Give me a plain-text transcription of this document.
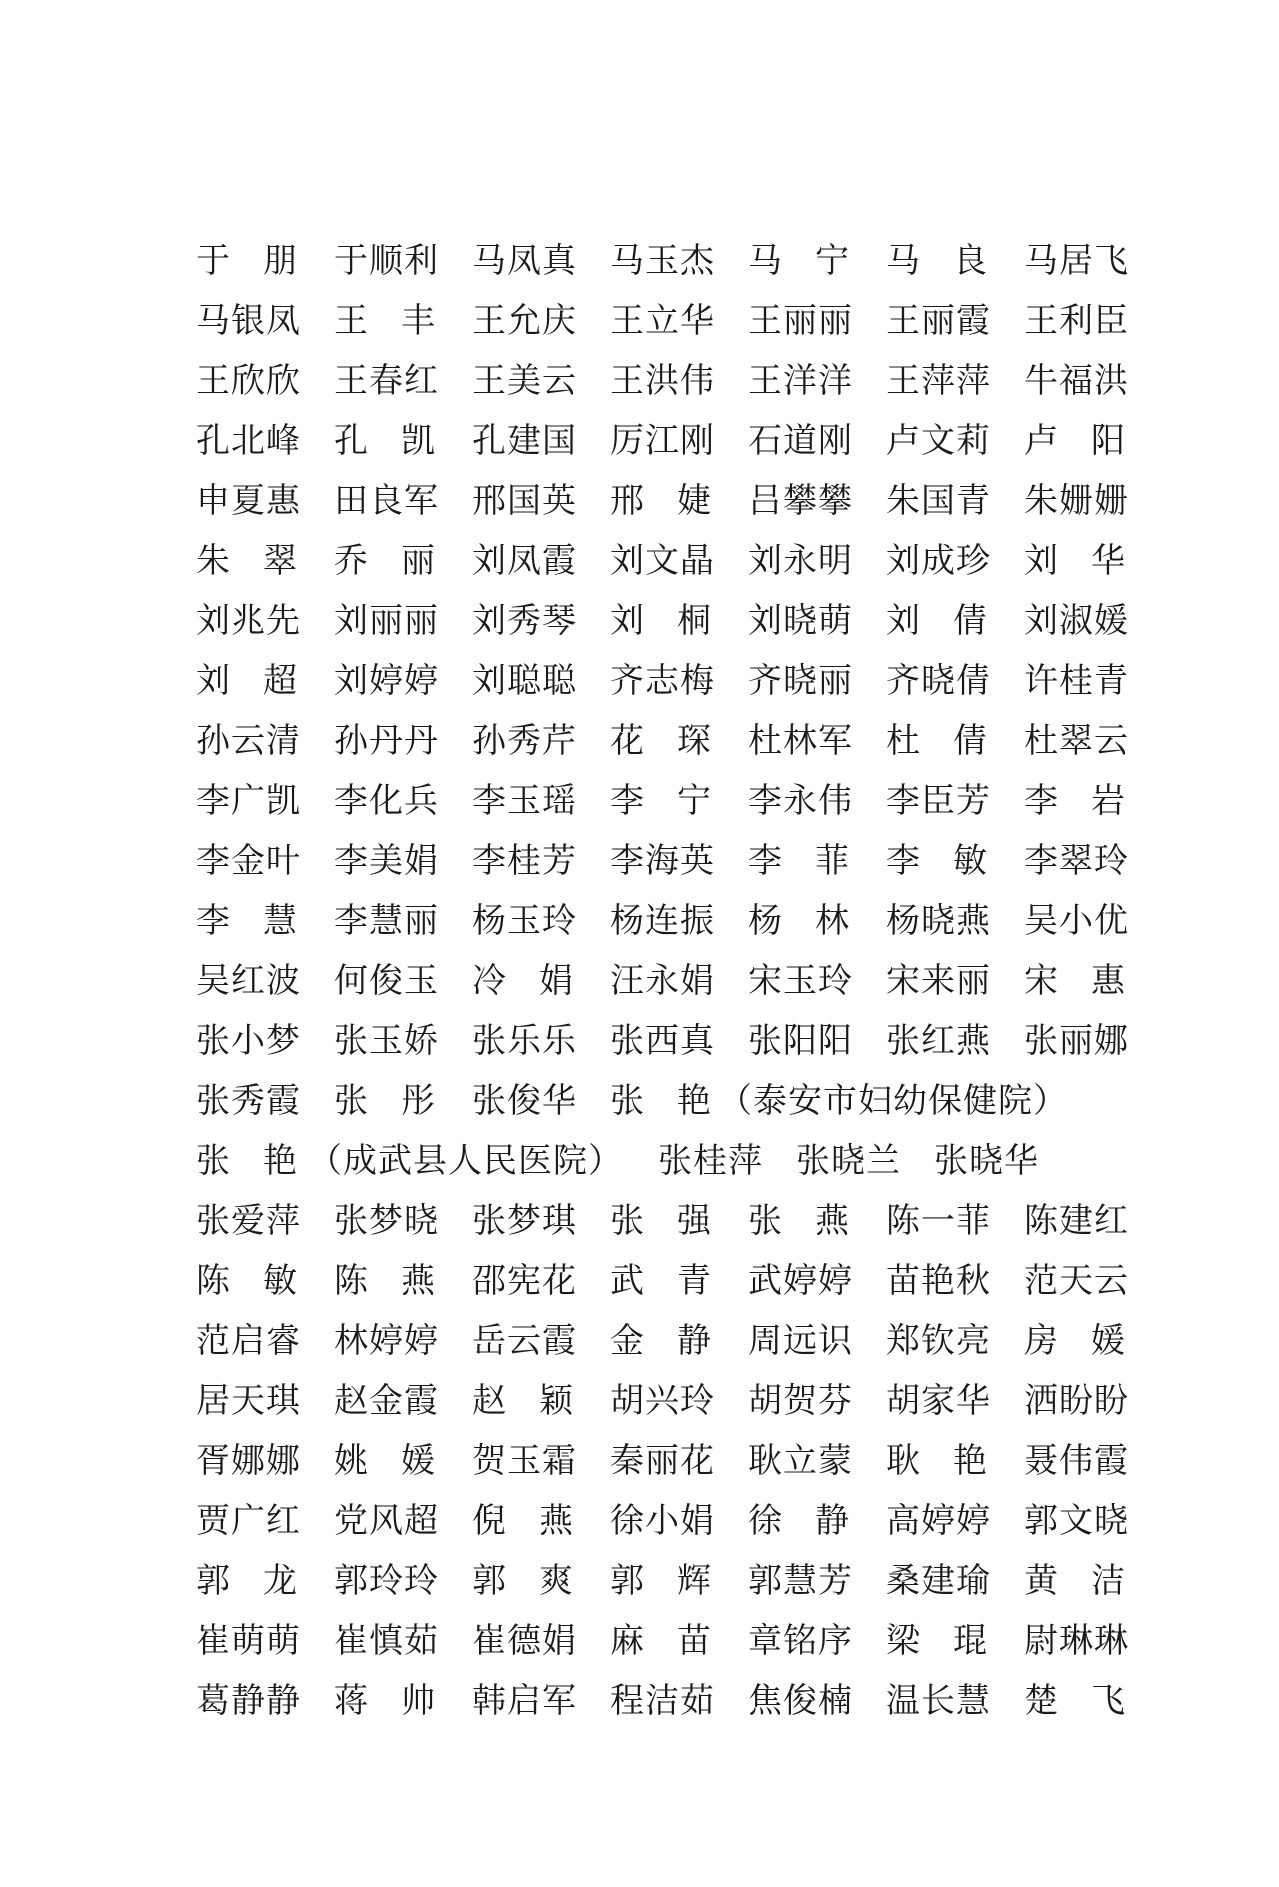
于 朋 于顺利 马凤真 马玉杰 马 宁 马 良 马居飞
马银凤 王 丰 王允庆 王立华 王丽丽 王丽霞 王利臣
王欣欣 王春红 王美云 王洪伟 王洋洋 王萍萍 牛福洪
孔北峰 孔 凯 孔建国 厉江刚 石道刚 卢文莉 卢 阳
申夏惠 田良军 邢国英 邢 婕 吕攀攀 朱国青 朱姗姗
朱 翠 乔 丽 刘凤霞 刘文晶 刘永明 刘成珍 刘 华
刘兆先 刘丽丽 刘秀琴 刘 桐 刘晓萌 刘 倩 刘淑媛
刘 超 刘婷婷 刘聪聪 齐志梅 齐晓丽 齐晓倩 许桂青
孙云清 孙丹丹 孙秀芹 花 琛 杜林军 杜 倩 杜翠云
李广凯 李化兵 李玉瑶 李 宁 李永伟 李臣芳 李 岩
李金叶 李美娟 李桂芳 李海英 李 菲 李 敏 李翠玲
李 慧 李慧丽 杨玉玲 杨连振 杨 林 杨晓燕 吴小优
吴红波 何俊玉 冷 娟 汪永娟 宋玉玲 宋来丽 宋 惠
张小梦 张玉娇 张乐乐 张西真 张阳阳 张红燕 张丽娜
张秀霞 张 彤 张俊华 张 艳 （泰安市妇幼保健院）
张 艳 （成武县人民医院） 张桂萍 张晓兰 张晓华
张爱萍 张梦晓 张梦琪 张 强 张 燕 陈一菲 陈建红
陈 敏 陈 燕 邵宪花 武 青 武婷婷 苗艳秋 范天云
范启睿 林婷婷 岳云霞 金 静 周远识 郑钦亮 房 媛
居天琪 赵金霞 赵 颖 胡兴玲 胡贺芬 胡家华 洒盼盼
胥娜娜 姚 媛 贺玉霜 秦丽花 耿立蒙 耿 艳 聂伟霞
贾广红 党风超 倪 燕 徐小娟 徐 静 高婷婷 郭文晓
郭 龙 郭玲玲 郭 爽 郭 辉 郭慧芳 桑建瑜 黄 洁
崔萌萌 崔慎茹 崔德娟 麻 苗 章铭序 梁 琨 尉琳琳
葛静静 蒋 帅 韩启军 程洁茹 焦俊楠 温长慧 楚 飞
